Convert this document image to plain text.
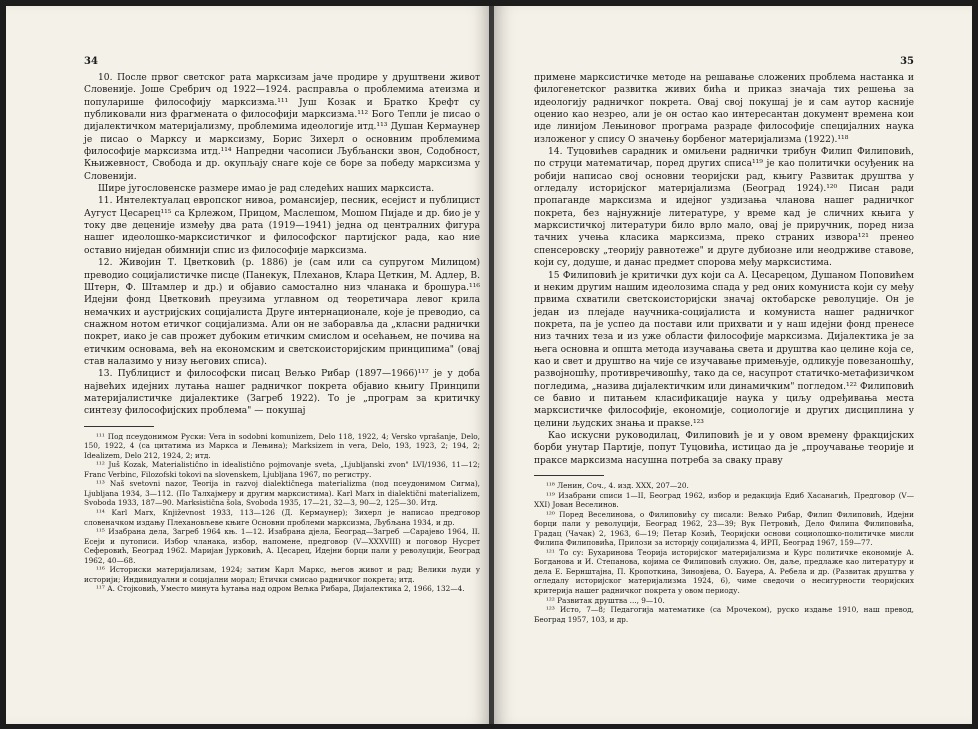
34

10. После првог светског рата марксизам јаче продире у друштвени живот Словеније. Јоше Сребрич од 1922—1924. расправља о проблемима атеизма и популарише философију марксизма.¹¹¹ Јуш Козак и Братко Крефт су публиковали низ фрагмената о философији марксизма.¹¹² Бого Тепли је писао о дијалектичком материјализму, проблемима идеологије итд.¹¹³ Душан Кермаунер је писао о Марксу и марксизму, Борис Зихерл о основним проблемима философије марксизма итд.¹¹⁴ Напредни часописи Љубљански звон, Содобност, Књижевност, Свобода и др. окупљају снаге које се боре за победу марксизма у Словенији.

Шире југословенске размере имао је рад следећих наших марксиста.

11. Интелектуалац европског нивоа, романсијер, песник, есејист и публицист Аугуст Цесарец¹¹⁵ са Крлежом, Прицом, Маслешом, Мошом Пијаде и др. био је у току две деценије између два рата (1919—1941) једна од централних фигура нашег идеолошко-марксистичког и философског партијског рада, као ние оставио ниједан обимнији спис из философије марксизма.

12. Живојин Т. Цветковић (р. 1886) је (сам или са супругом Милицом) преводио социјалистичке писце (Панекук, Плеханов, Клара Цеткин, М. Адлер, В. Штерн, Ф. Штамлер и др.) и објавио самостално низ чланака и брошура.¹¹⁶ Идејни фонд Цветковић преузима углавном од теоретичара левог крила немачких и аустријских социјалиста Друге интернационале, које је преводио, са снажном нотом етичког социјализма. Али он не заборавља да „класни раднички покрет, иако је сав прожет дубоким етичким смислом и осећањем, не почива на етичким основама, већ на економским и светскоисторијским принципима" (овај став налазимо у низу његових списа).

13. Публицист и философски писац Вељко Рибар (1897—1966)¹¹⁷ је у доба највећих идејних лутања нашег радничког покрета објавио књигу Принципи материјалистичке дијалектике (Загреб 1922). То је „програм за критичку синтезу философијских проблема" — покушај

¹¹¹ Под псеудонимом Руски: Vera in sodobni komunizem, Delo 118, 1922, 4; Versko vprašanje, Delo, 150, 1922, 4 (са цитатима из Маркса и Лењина); Marksizem in vera, Delo, 193, 1923, 2; 194, 2; Idealizem, Delo 212, 1924, 2; итд.

¹¹² Juš Kozak, Materialistično in idealistično pojmovanje sveta, „Ljubljanski zvon" LVI/1936, 11—12; Franc Verbinc, Filozofski tokovi na slovenskem, Ljubljana 1967, по регистру.

¹¹³ Naš svetovni nazor, Teorija in razvoj dialektičnega materializma (под псеудонимом Сигма), Ljubljana 1934, 3—112. (По Талхајмеру и другим марксистима). Karl Marx in dialektični materializem, Svoboda 1933, 187—90. Marksistična šola, Svoboda 1935, 17—21, 32—3, 90—2, 125—30. Итд.

¹¹⁴ Karl Marx, Književnost 1933, 113—126 (Д. Кермаунер); Зихерл је написао предговор словеначком издању Плехановљеве књиге Основни проблеми марксизма, Љубљана 1934, и др.

¹¹⁵ Изабрана дела, Загреб 1964 књ. 1—12. Изабрана дјела, Београд—Загреб —Сарајево 1964, II. Есеји и путописи. Избор чланака, избор, напомене, предговор (V—XXXVIII) и поговор Нусрет Сеферовић, Београд 1962. Маријан Јурковић, А. Цесарец, Идејни борци пали у револуцији, Београд 1962, 40—68.

¹¹⁶ Историски материјализам, 1924; затим Карл Маркс, његов живот и рад; Велики људи у историји; Индивидуални и социјални морал; Етички смисао радничког покрета; итд.

¹¹⁷ А. Стојковић, Уместо минута ћутања над одром Вељка Рибара, Дијалектика 2, 1966, 132—4.

35

примене марксистичке методе на решавање сложених проблема настанка и филогенетског развитка живих бића и приказ значаја тих решења за идеологију радничког покрета. Овај свој покушај је и сам аутор касније оценио као незрео, али је он остао као интересантан документ времена кои иде линијом Лењиновог програма разраде философије специјалних наука изложеног у спису О значењу борбеног материјализма (1922).¹¹⁸

14. Туцовићев сарадник и омиљени раднички трибун Филип Филиповић, по струци математичар, поред других списа¹¹⁹ је као политички осуђеник на робији написао свој основни теоријски рад, књигу Развитак друштва у огледалу историјског материјализма (Београд 1924).¹²⁰ Писан ради пропаганде марксизма и идејног уздизања чланова нашег радничког покрета, без најнужније литературе, у време кад је сличних књига у марксистичкој литератури било врло мало, овај је приручник, поред низа тачних учења класика марксизма, преко страних извора¹²¹ пренео спенсеровску „теорију равнотеже" и друге дубиозне или неодрживе ставове, који су, додуше, и данас предмет спорова међу марксистима.

15 Филиповић је критички дух који са А. Цесарецом, Душаном Поповићем и неким другим нашим идеолозима спада у ред оних комуниста који су међу првима схватили светскоисторијски значај октобарске револуције. Он је један из плејаде научника-социјалиста и комуниста нашег радничког покрета, па је успео да постави или прихвати и у наш идејни фонд пренесе низ тачних теза и из уже области философије марксизма. Дијалектика је за њега основна и општа метода изучавања света и друштва као целине која се, као и свет и друштво на чије се изучавање примењује, одликује повезаношћу, развојношћу, противречивошћу, тако да се, насупрот статичко-метафизичком погледима, „назива дијалектичким или динамичким" погледом.¹²² Филиповић се бавио и питањем класификације наука у циљу одређивања места марксистичке философије, економије, социологије и других дисциплина у целини људских знања и пракse.¹²³

Као искусни руководилац, Филиповић је и у овом времену фракцијских борби унутар Партије, попут Туцовића, истицао да је „проучавање теорије и праксе марксизма насушна потреба за сваку праву

¹¹⁸ Ленин, Соч., 4. изд. XXX, 207—20.

¹¹⁹ Изабрани списи 1—II, Београд 1962, избор и редакција Едиб Хасанагић, Предговор (V—XXI) Јован Веселинов.

¹²⁰ Поред Веселинова, о Филиповићу су писали: Вељко Рибар, Филип Филиповић, Идејни борци пали у револуцији, Београд 1962, 23—39; Вук Петровић, Дело Филипа Филиповића, Градац (Чачак) 2, 1963, 6—19; Петар Козић, Теоријски основи социолошко-политичке мисли Филипа Филиповића, Прилози за историју социјализма 4, ИРП, Београд 1967, 159—77.

¹²¹ То су: Бухаринова Теорија историјског материјализма и Курс политичке економије А. Богданова и И. Степанова, којима се Филиповић служио. Он, даље, предлаже као литературу и дела Е. Бернштајна, П. Кропоткина, Зиновјева, О. Бауера, А. Ребела и др. (Развитак друштва у огледалу историјског материјализма 1924, 6), чиме сведочи о несигурности теоријских критерија нашег радничког покрета у овом периоду.

¹²² Развитак друштва ..., 9—10.

¹²³ Исто, 7—8; Педагогија математике (са Мрочеком), руско издање 1910, наш превод, Београд 1957, 103, и др.
